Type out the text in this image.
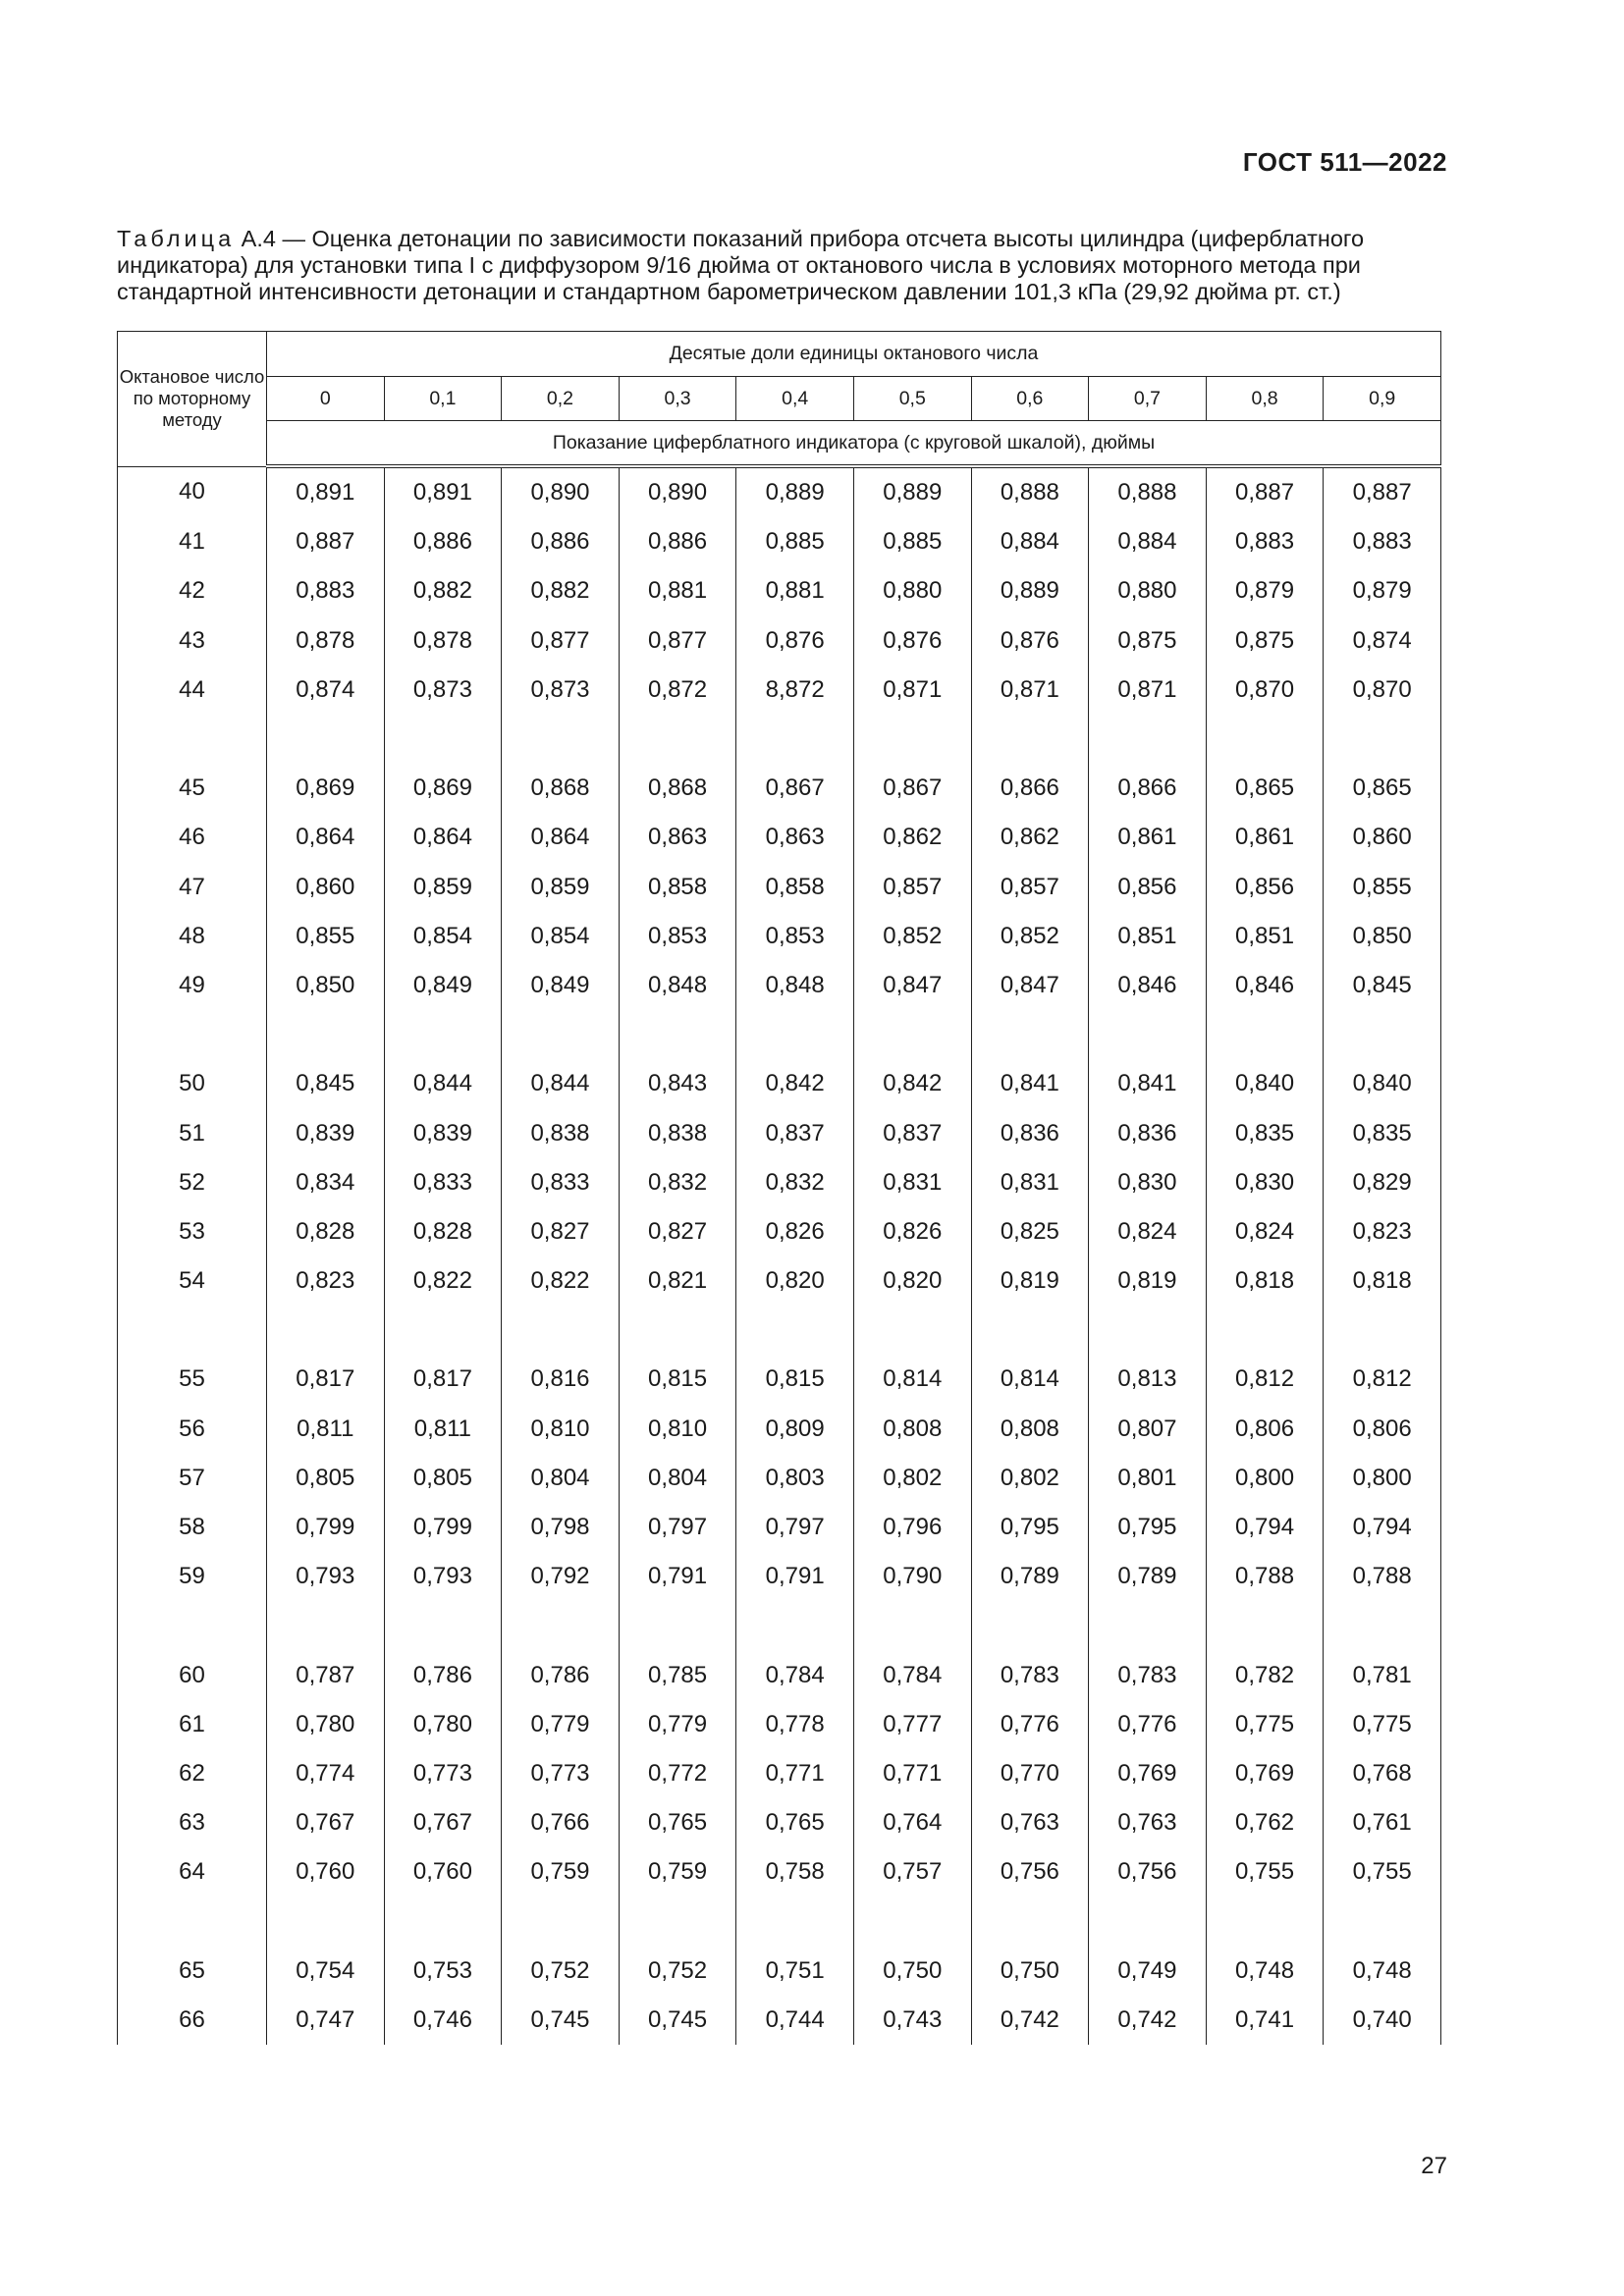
ГОСТ 511—2022
Таблица А.4 — Оценка детонации по зависимости показаний прибора отсчета высоты цилиндра (циферблатного индикатора) для установки типа I с диффузором 9/16 дюйма от октанового числа в условиях моторного метода при стандартной интенсивности детонации и стандартном барометрическом давлении 101,3 кПа (29,92 дюйма рт. ст.)
Октановое число по моторному методу	Десятые доли единицы октанового числа									
	0	0,1	0,2	0,3	0,4	0,5	0,6	0,7	0,8	0,9
	Показание циферблатного индикатора (с круговой шкалой), дюймы									
40	0,891	0,891	0,890	0,890	0,889	0,889	0,888	0,888	0,887	0,887
41	0,887	0,886	0,886	0,886	0,885	0,885	0,884	0,884	0,883	0,883
42	0,883	0,882	0,882	0,881	0,881	0,880	0,889	0,880	0,879	0,879
43	0,878	0,878	0,877	0,877	0,876	0,876	0,876	0,875	0,875	0,874
44	0,874	0,873	0,873	0,872	8,872	0,871	0,871	0,871	0,870	0,870

45	0,869	0,869	0,868	0,868	0,867	0,867	0,866	0,866	0,865	0,865
46	0,864	0,864	0,864	0,863	0,863	0,862	0,862	0,861	0,861	0,860
47	0,860	0,859	0,859	0,858	0,858	0,857	0,857	0,856	0,856	0,855
48	0,855	0,854	0,854	0,853	0,853	0,852	0,852	0,851	0,851	0,850
49	0,850	0,849	0,849	0,848	0,848	0,847	0,847	0,846	0,846	0,845

50	0,845	0,844	0,844	0,843	0,842	0,842	0,841	0,841	0,840	0,840
51	0,839	0,839	0,838	0,838	0,837	0,837	0,836	0,836	0,835	0,835
52	0,834	0,833	0,833	0,832	0,832	0,831	0,831	0,830	0,830	0,829
53	0,828	0,828	0,827	0,827	0,826	0,826	0,825	0,824	0,824	0,823
54	0,823	0,822	0,822	0,821	0,820	0,820	0,819	0,819	0,818	0,818

55	0,817	0,817	0,816	0,815	0,815	0,814	0,814	0,813	0,812	0,812
56	0,811	0,811	0,810	0,810	0,809	0,808	0,808	0,807	0,806	0,806
57	0,805	0,805	0,804	0,804	0,803	0,802	0,802	0,801	0,800	0,800
58	0,799	0,799	0,798	0,797	0,797	0,796	0,795	0,795	0,794	0,794
59	0,793	0,793	0,792	0,791	0,791	0,790	0,789	0,789	0,788	0,788

60	0,787	0,786	0,786	0,785	0,784	0,784	0,783	0,783	0,782	0,781
61	0,780	0,780	0,779	0,779	0,778	0,777	0,776	0,776	0,775	0,775
62	0,774	0,773	0,773	0,772	0,771	0,771	0,770	0,769	0,769	0,768
63	0,767	0,767	0,766	0,765	0,765	0,764	0,763	0,763	0,762	0,761
64	0,760	0,760	0,759	0,759	0,758	0,757	0,756	0,756	0,755	0,755

65	0,754	0,753	0,752	0,752	0,751	0,750	0,750	0,749	0,748	0,748
66	0,747	0,746	0,745	0,745	0,744	0,743	0,742	0,742	0,741	0,740
27
